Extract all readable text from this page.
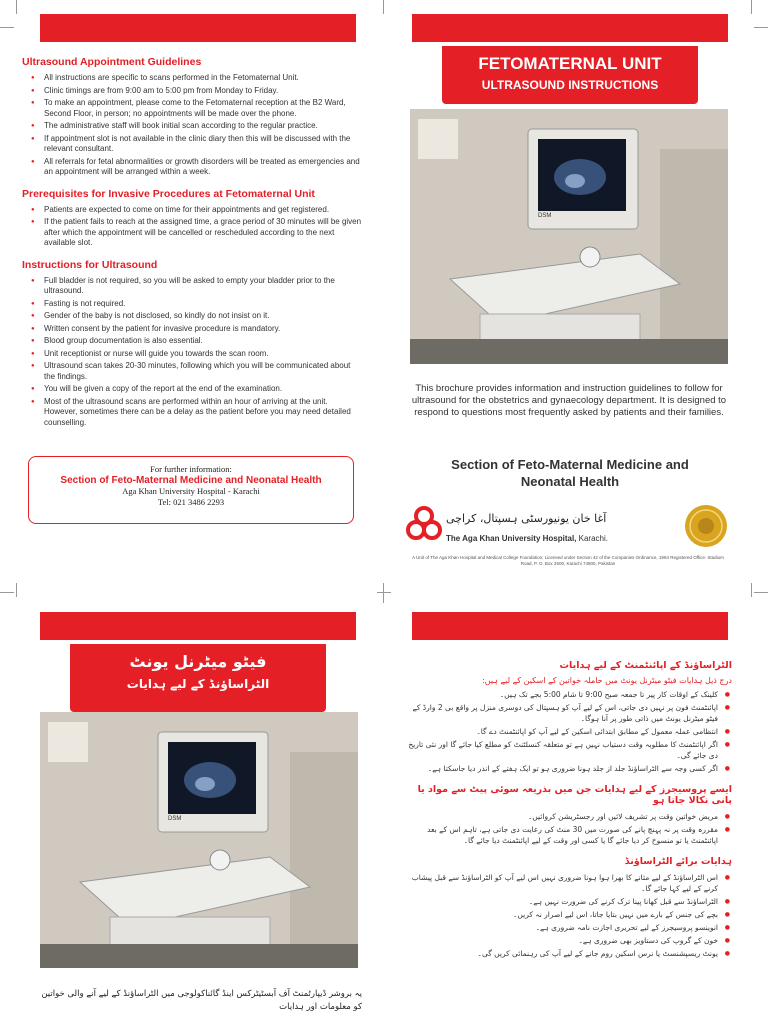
Ultrasound Appointment Guidelines
● All instructions are specific to scans performed in the Fetomaternal Unit.
● Clinic timings are from 9:00 am to 5:00 pm from Monday to Friday.
● To make an appointment, please come to the Fetomaternal reception at the B2 Ward, Second Floor, in person; no appointments will be made over the phone.
● The administrative staff will book initial scan according to the regular practice.
● If appointment slot is not available in the clinic diary then this will be discussed with the relevant consultant.
● All referrals for fetal abnormalities or growth disorders will be treated as emergencies and an appointment will be arranged within a week.
Prerequisites for Invasive Procedures at Fetomaternal Unit
● Patients are expected to come on time for their appointments and get registered.
● If the patient fails to reach at the assigned time, a grace period of 30 minutes will be given after which the appointment will be cancelled or rescheduled according to the next available slot.
Instructions for Ultrasound
● Full bladder is not required, so you will be asked to empty your bladder prior to the ultrasound.
● Fasting is not required.
● Gender of the baby is not disclosed, so kindly do not insist on it.
● Written consent by the patient for invasive procedure is mandatory.
● Blood group documentation is also essential.
● Unit receptionist or nurse will guide you towards the scan room.
● Ultrasound scan takes 20-30 minutes, following which you will be communicated about the findings.
● You will be given a copy of the report at the end of the examination.
● Most of the ultrasound scans are performed within an hour of arriving at the unit. However, sometimes there can be a delay as the patient before you may need detailed counselling.
For further information:
Section of Feto-Maternal Medicine and Neonatal Health
Aga Khan University Hospital - Karachi
Tel: 021 3486 2293
FETOMATERNAL UNIT
ULTRASOUND INSTRUCTIONS
DSM
This brochure provides information and instruction guidelines to follow for ultrasound for the obstetrics and gynaecology department. It is designed to respond to questions most frequently asked by patients and their families.
Section of Feto-Maternal Medicine and Neonatal Health
آغا خان یونیورسٹی ہسپتال، کراچی
The Aga Khan University Hospital, Karachi.
A Unit of The Aga Khan Hospital and Medical College Foundation; Licensed under Section 42 of the Companies Ordinance, 1984 Registered Office: Stadium Road, P. O. Box 3500, Karachi 74800, Pakistan
فیٹو میٹرنل یونٹ
الٹراساؤنڈ کے لیے ہدایات
DSM
یہ بروشر ڈیپارٹمنٹ آف آبسٹیٹرکس اینڈ گائناکولوجی میں الٹراساؤنڈ کے لیے آنے والی خواتین کو معلومات اور ہدایات
الٹراساؤنڈ کے اپائنٹمنٹ کے لیے ہدایات
درج ذیل ہدایات فیٹو میٹرنل یونٹ میں حاملہ خواتین کے اسکین کے لیے ہیں:
● کلینک کے اوقات کار پیر تا جمعہ صبح 9:00 تا شام 5:00 بجے تک ہیں۔
● اپائنٹمنٹ فون پر نہیں دی جاتی، اس کے لیے آپ کو ہسپتال کی دوسری منزل پر واقع بی 2 وارڈ کے فیٹو میٹرنل یونٹ میں ذاتی طور پر آنا ہوگا۔
● انتظامی عملہ معمول کے مطابق ابتدائی اسکین کے لیے آپ کو اپائنٹمنٹ دے گا۔
● اگر اپائنٹمنٹ کا مطلوبہ وقت دستیاب نہیں ہے تو متعلقہ کنسلٹنٹ کو مطلع کیا جائے گا اور نئی تاریخ دی جائے گی۔
● اگر کسی وجہ سے الٹراساؤنڈ جلد از جلد ہونا ضروری ہو تو ایک ہفتے کے اندر دیا جاسکتا ہے۔
ایسے پروسیجرز کے لیے ہدایات جن میں بذریعہ سوئی پیٹ سے مواد یا پانی نکالا جاتا ہو
● مریض خواتین وقت پر تشریف لائیں اور رجسٹریشن کروائیں۔
● مقررہ وقت پر نہ پہنچ پانے کی صورت میں 30 منٹ کی رعایت دی جاتی ہے، تاہم اس کے بعد اپائنٹمنٹ یا تو منسوخ کر دیا جائے گا یا کسی اور وقت کے لیے اپائنٹمنٹ دیا جائے گا۔
ہدایات برائے الٹراساؤنڈ
● اس الٹراساؤنڈ کے لیے مثانے کا بھرا ہوا ہونا ضروری نہیں اس لیے آپ کو الٹراساؤنڈ سے قبل پیشاب کرنے کے لیے کہا جائے گا۔
● الٹراساؤنڈ سے قبل کھانا پینا ترک کرنے کی ضرورت نہیں ہے۔
● بچے کی جنس کے بارے میں نہیں بتایا جاتا، اس لیے اصرار نہ کریں۔
● انوینسو پروسیجرز کے لیے تحریری اجازت نامہ ضروری ہے۔
● خون کے گروپ کی دستاویز بھی ضروری ہے۔
● یونٹ ریسپشنسٹ یا نرس اسکین روم جانے کے لیے آپ کی رہنمائی کریں گی۔
